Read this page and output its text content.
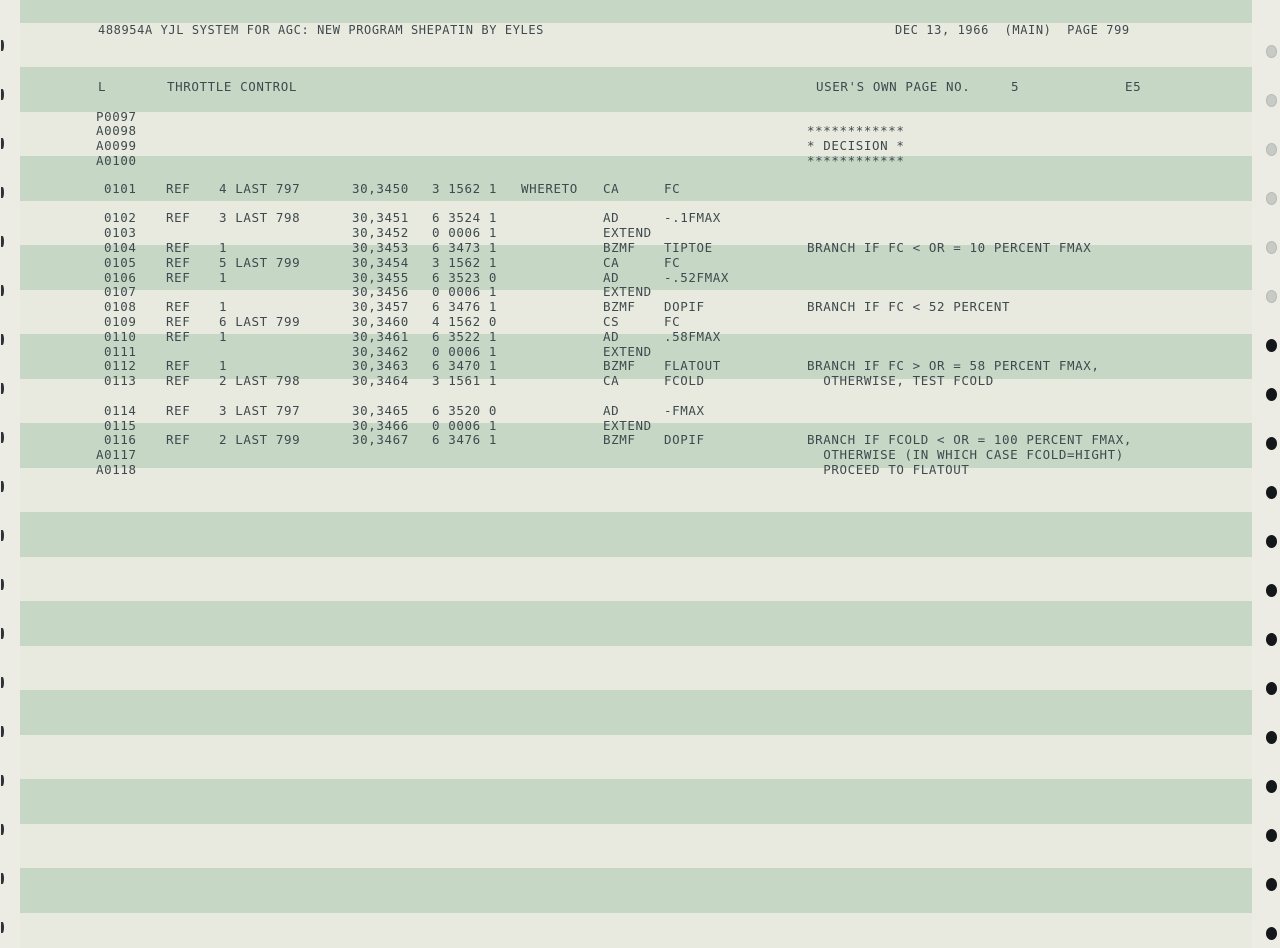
488954A YJL SYSTEM FOR AGC: NEW PROGRAM SHEPATIN BY EYLES	DEC 13, 1966  (MAIN)  PAGE 799
L	THROTTLE CONTROL	USER'S OWN PAGE NO.	5	E5
P0097
A0098	************
A0099	* DECISION *
A0100	************
0101 REF 4 LAST 797	30,3450 3 1562 1 WHERETO CA	FC
0102 REF 3 LAST 798	30,3451 6 3524 1	AD	-.1FMAX
0103	30,3452 0 0006 1	EXTEND
0104 REF 1	30,3453 6 3473 1	BZMF TIPTOE	BRANCH IF FC < OR = 10 PERCENT FMAX
0105 REF 5 LAST 799	30,3454 3 1562 1	CA	FC
0106 REF 1	30,3455 6 3523 0	AD	-.52FMAX
0107	30,3456 0 0006 1	EXTEND
0108 REF 1	30,3457 6 3476 1	BZMF DOPIF	BRANCH IF FC < 52 PERCENT
0109 REF 6 LAST 799	30,3460 4 1562 0	CS	FC
0110 REF 1	30,3461 6 3522 1	AD	.58FMAX
0111	30,3462 0 0006 1	EXTEND
0112 REF 1	30,3463 6 3470 1	BZMF FLATOUT	BRANCH IF FC > OR = 58 PERCENT FMAX,
0113 REF 2 LAST 798	30,3464 3 1561 1	CA	FCOLD	OTHERWISE, TEST FCOLD
0114 REF 3 LAST 797	30,3465 6 3520 0	AD	-FMAX
0115	30,3466 0 0006 1	EXTEND
0116 REF 2 LAST 799	30,3467 6 3476 1	BZMF DOPIF	BRANCH IF FCOLD < OR = 100 PERCENT FMAX,
A0117	OTHERWISE (IN WHICH CASE FCOLD=HIGHT)
A0118	PROCEED TO FLATOUT
